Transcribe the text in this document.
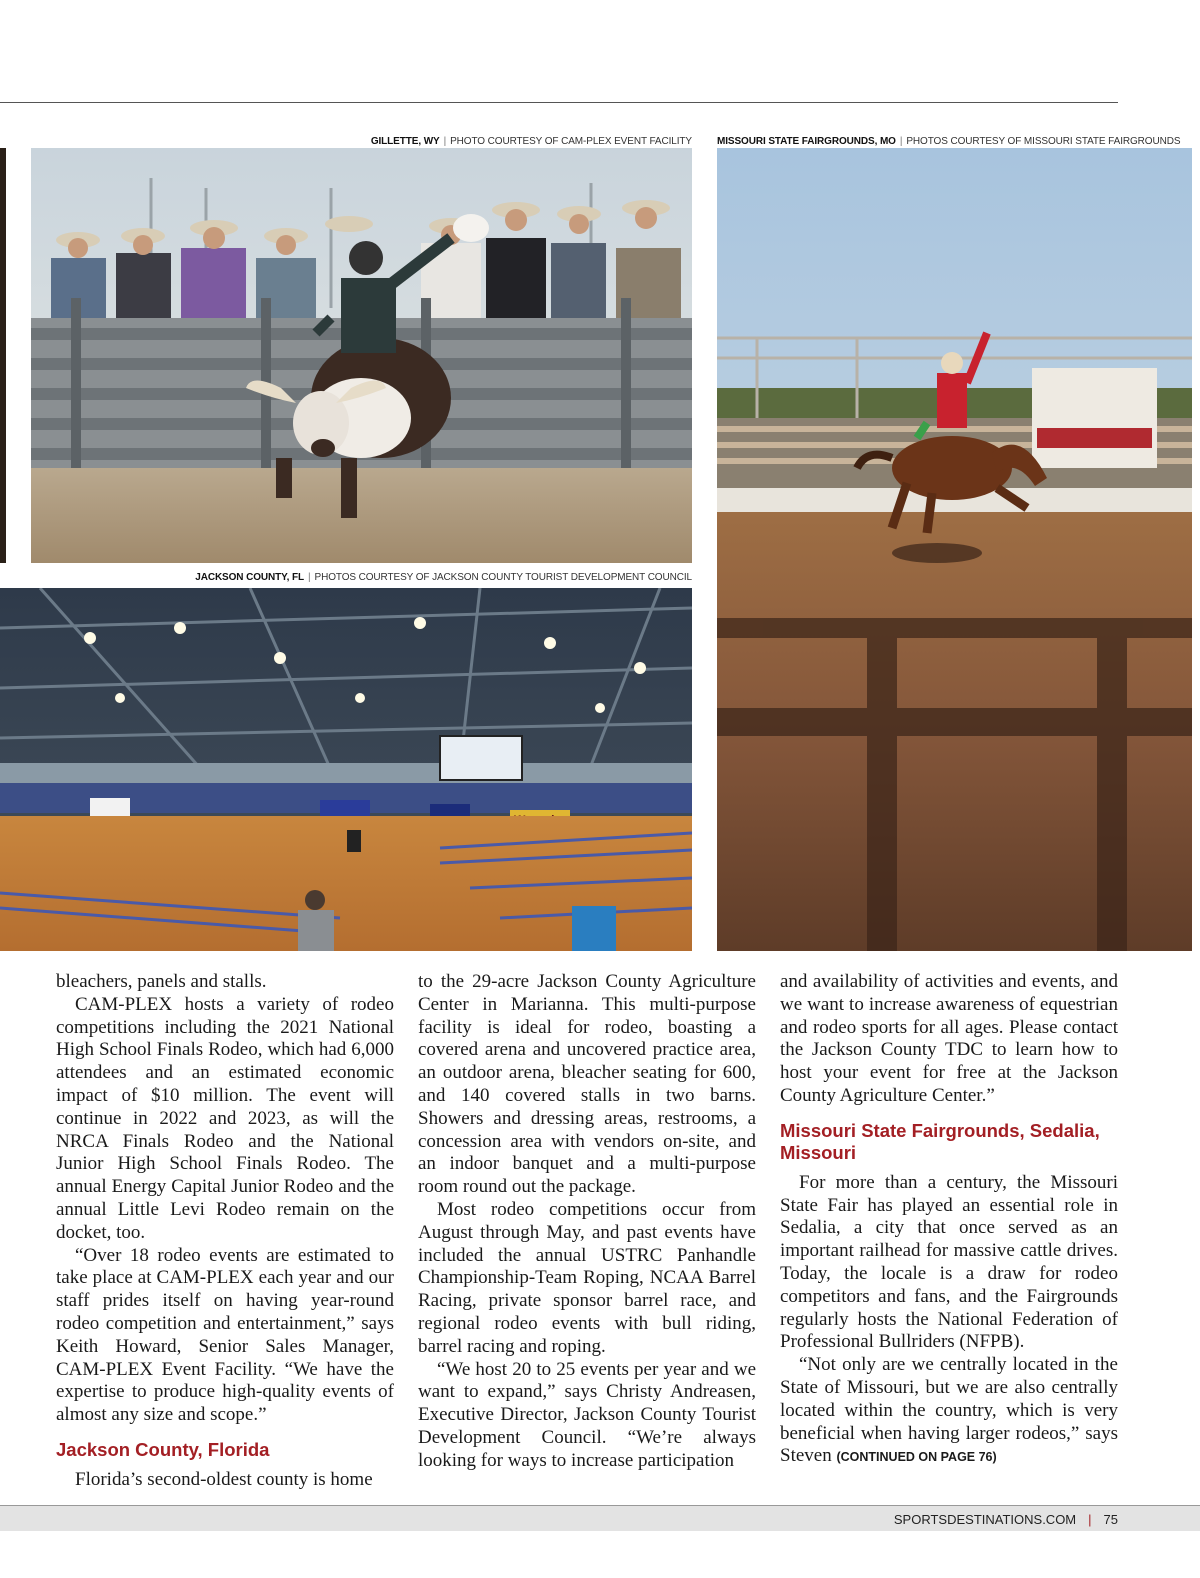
GILLETTE, WY | PHOTO COURTESY OF CAM-PLEX EVENT FACILITY	MISSOURI STATE FAIRGROUNDS, MO | PHOTOS COURTESY OF MISSOURI STATE FAIRGROUNDS
JACKSON COUNTY, FL | PHOTOS COURTESY OF JACKSON COUNTY TOURIST DEVELOPMENT COUNCIL

bleachers, panels and stalls.

CAM-PLEX hosts a variety of rodeo competitions including the 2021 National High School Finals Rodeo, which had 6,000 attendees and an estimated economic impact of $10 million. The event will continue in 2022 and 2023, as will the NRCA Finals Rodeo and the National Junior High School Finals Rodeo. The annual Energy Capital Junior Rodeo and the annual Little Levi Rodeo remain on the docket, too.

“Over 18 rodeo events are estimated to take place at CAM-PLEX each year and our staff prides itself on having year-round rodeo competition and entertainment,” says Keith Howard, Senior Sales Manager, CAM-PLEX Event Facility. “We have the expertise to produce high-quality events of almost any size and scope.”

Jackson County, Florida

Florida’s second-oldest county is home

to the 29-acre Jackson County Agriculture Center in Marianna. This multi-purpose facility is ideal for rodeo, boasting a covered arena and uncovered practice area, an outdoor arena, bleacher seating for 600, and 140 covered stalls in two barns. Showers and dressing areas, restrooms, a concession area with vendors on-site, and an indoor banquet and a multi-purpose room round out the package.

Most rodeo competitions occur from August through May, and past events have included the annual USTRC Panhandle Championship-Team Roping, NCAA Barrel Racing, private sponsor barrel race, and regional rodeo events with bull riding, barrel racing and roping.

“We host 20 to 25 events per year and we want to expand,” says Christy Andreasen, Executive Director, Jackson County Tourist Development Council. “We’re always looking for ways to increase participation

and availability of activities and events, and we want to increase awareness of equestrian and rodeo sports for all ages. Please contact the Jackson County TDC to learn how to host your event for free at the Jackson County Agriculture Center.”

Missouri State Fairgrounds, Sedalia, Missouri

For more than a century, the Missouri State Fair has played an essential role in Sedalia, a city that once served as an important railhead for massive cattle drives. Today, the locale is a draw for rodeo competitors and fans, and the Fairgrounds regularly hosts the National Federation of Professional Bullriders (NFPB).

“Not only are we centrally located in the State of Missouri, but we are also centrally located within the country, which is very beneficial when having larger rodeos,” says Steven (CONTINUED ON PAGE 76)

SPORTSDESTINATIONS.COM | 75
